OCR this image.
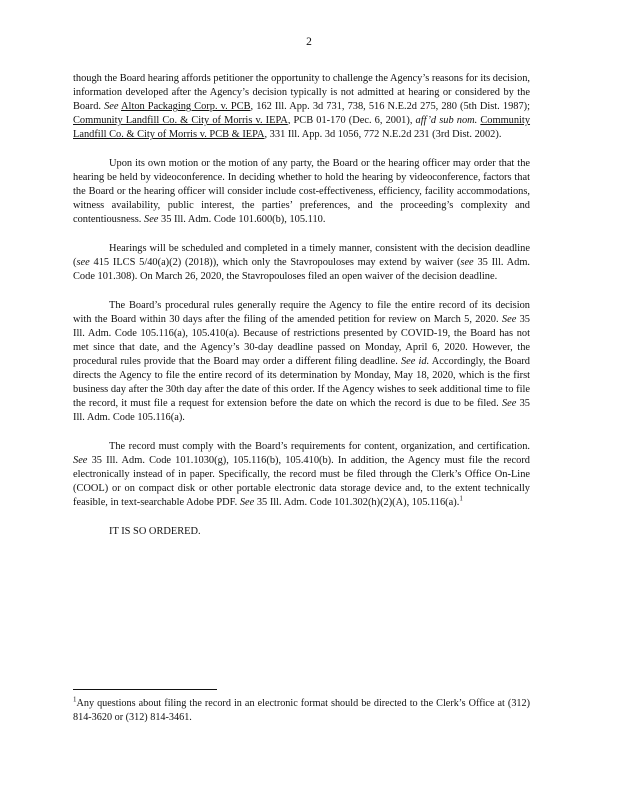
2

though the Board hearing affords petitioner the opportunity to challenge the Agency’s reasons for its decision, information developed after the Agency’s decision typically is not admitted at hearing or considered by the Board. See Alton Packaging Corp. v. PCB, 162 Ill. App. 3d 731, 738, 516 N.E.2d 275, 280 (5th Dist. 1987); Community Landfill Co. & City of Morris v. IEPA, PCB 01-170 (Dec. 6, 2001), aff’d sub nom. Community Landfill Co. & City of Morris v. PCB & IEPA, 331 Ill. App. 3d 1056, 772 N.E.2d 231 (3rd Dist. 2002).

Upon its own motion or the motion of any party, the Board or the hearing officer may order that the hearing be held by videoconference. In deciding whether to hold the hearing by videoconference, factors that the Board or the hearing officer will consider include cost-effectiveness, efficiency, facility accommodations, witness availability, public interest, the parties’ preferences, and the proceeding’s complexity and contentiousness. See 35 Ill. Adm. Code 101.600(b), 105.110.

Hearings will be scheduled and completed in a timely manner, consistent with the decision deadline (see 415 ILCS 5/40(a)(2) (2018)), which only the Stavropouloses may extend by waiver (see 35 Ill. Adm. Code 101.308). On March 26, 2020, the Stavropouloses filed an open waiver of the decision deadline.

The Board’s procedural rules generally require the Agency to file the entire record of its decision with the Board within 30 days after the filing of the amended petition for review on March 5, 2020. See 35 Ill. Adm. Code 105.116(a), 105.410(a). Because of restrictions presented by COVID-19, the Board has not met since that date, and the Agency’s 30-day deadline passed on Monday, April 6, 2020. However, the procedural rules provide that the Board may order a different filing deadline. See id. Accordingly, the Board directs the Agency to file the entire record of its determination by Monday, May 18, 2020, which is the first business day after the 30th day after the date of this order. If the Agency wishes to seek additional time to file the record, it must file a request for extension before the date on which the record is due to be filed. See 35 Ill. Adm. Code 105.116(a).

The record must comply with the Board’s requirements for content, organization, and certification. See 35 Ill. Adm. Code 101.1030(g), 105.116(b), 105.410(b). In addition, the Agency must file the record electronically instead of in paper. Specifically, the record must be filed through the Clerk’s Office On-Line (COOL) or on compact disk or other portable electronic data storage device and, to the extent technically feasible, in text-searchable Adobe PDF. See 35 Ill. Adm. Code 101.302(h)(2)(A), 105.116(a).$^1$

IT IS SO ORDERED.

$^1$Any questions about filing the record in an electronic format should be directed to the Clerk’s Office at (312) 814-3620 or (312) 814-3461.
